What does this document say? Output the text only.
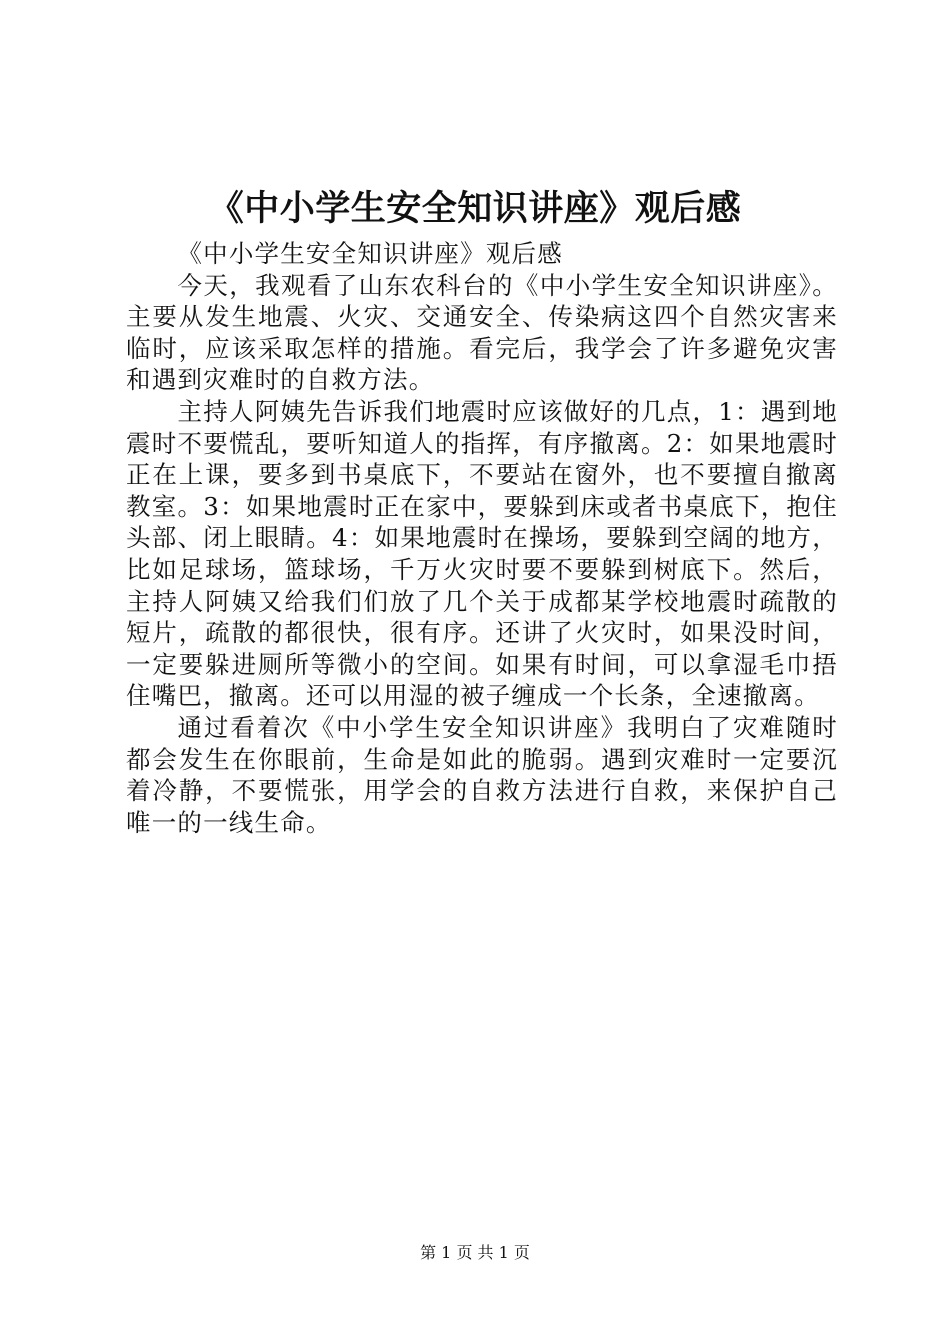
《中小学生安全知识讲座》观后感

《中小学生安全知识讲座》观后感

今天，我观看了山东农科台的《中小学生安全知识讲座》。主要从发生地震、火灾、交通安全、传染病这四个自然灾害来临时，应该采取怎样的措施。看完后，我学会了许多避免灾害和遇到灾难时的自救方法。

主持人阿姨先告诉我们地震时应该做好的几点，1：遇到地震时不要慌乱，要听知道人的指挥，有序撤离。2：如果地震时正在上课，要多到书桌底下，不要站在窗外，也不要擅自撤离教室。3：如果地震时正在家中，要躲到床或者书桌底下，抱住头部、闭上眼睛。4：如果地震时在操场，要躲到空阔的地方，比如足球场，篮球场，千万火灾时要不要躲到树底下。然后，主持人阿姨又给我们们放了几个关于成都某学校地震时疏散的短片，疏散的都很快，很有序。还讲了火灾时，如果没时间，一定要躲进厕所等微小的空间。如果有时间，可以拿湿毛巾捂住嘴巴，撤离。还可以用湿的被子缠成一个长条，全速撤离。

通过看着次《中小学生安全知识讲座》我明白了灾难随时都会发生在你眼前，生命是如此的脆弱。遇到灾难时一定要沉着冷静，不要慌张，用学会的自救方法进行自救，来保护自己唯一的一线生命。

第 1 页 共 1 页
